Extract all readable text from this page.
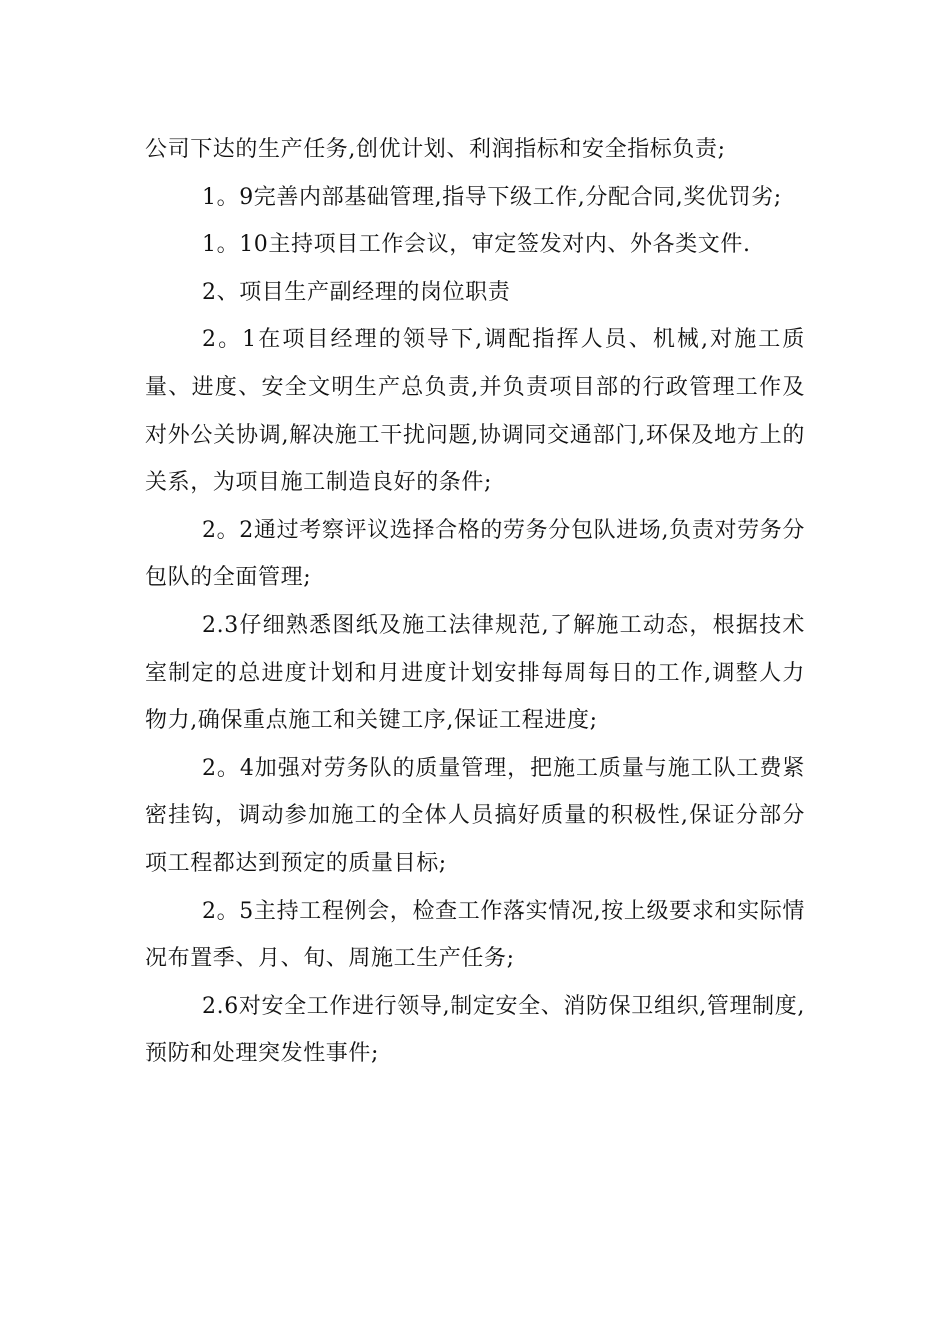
公司下达的生产任务,创优计划、利润指标和安全指标负责;

1。9完善内部基础管理,指导下级工作,分配合同,奖优罚劣;

1。10主持项目工作会议，审定签发对内、外各类文件.

2、项目生产副经理的岗位职责

2。1在项目经理的领导下,调配指挥人员、机械,对施工质量、进度、安全文明生产总负责,并负责项目部的行政管理工作及对外公关协调,解决施工干扰问题,协调同交通部门,环保及地方上的关系，为项目施工制造良好的条件;

2。2通过考察评议选择合格的劳务分包队进场,负责对劳务分包队的全面管理;

2.3仔细熟悉图纸及施工法律规范,了解施工动态，根据技术室制定的总进度计划和月进度计划安排每周每日的工作,调整人力物力,确保重点施工和关键工序,保证工程进度;

2。4加强对劳务队的质量管理，把施工质量与施工队工费紧密挂钩，调动参加施工的全体人员搞好质量的积极性,保证分部分项工程都达到预定的质量目标;

2。5主持工程例会，检查工作落实情况,按上级要求和实际情况布置季、月、旬、周施工生产任务;

2.6对安全工作进行领导,制定安全、消防保卫组织,管理制度,预防和处理突发性事件;
